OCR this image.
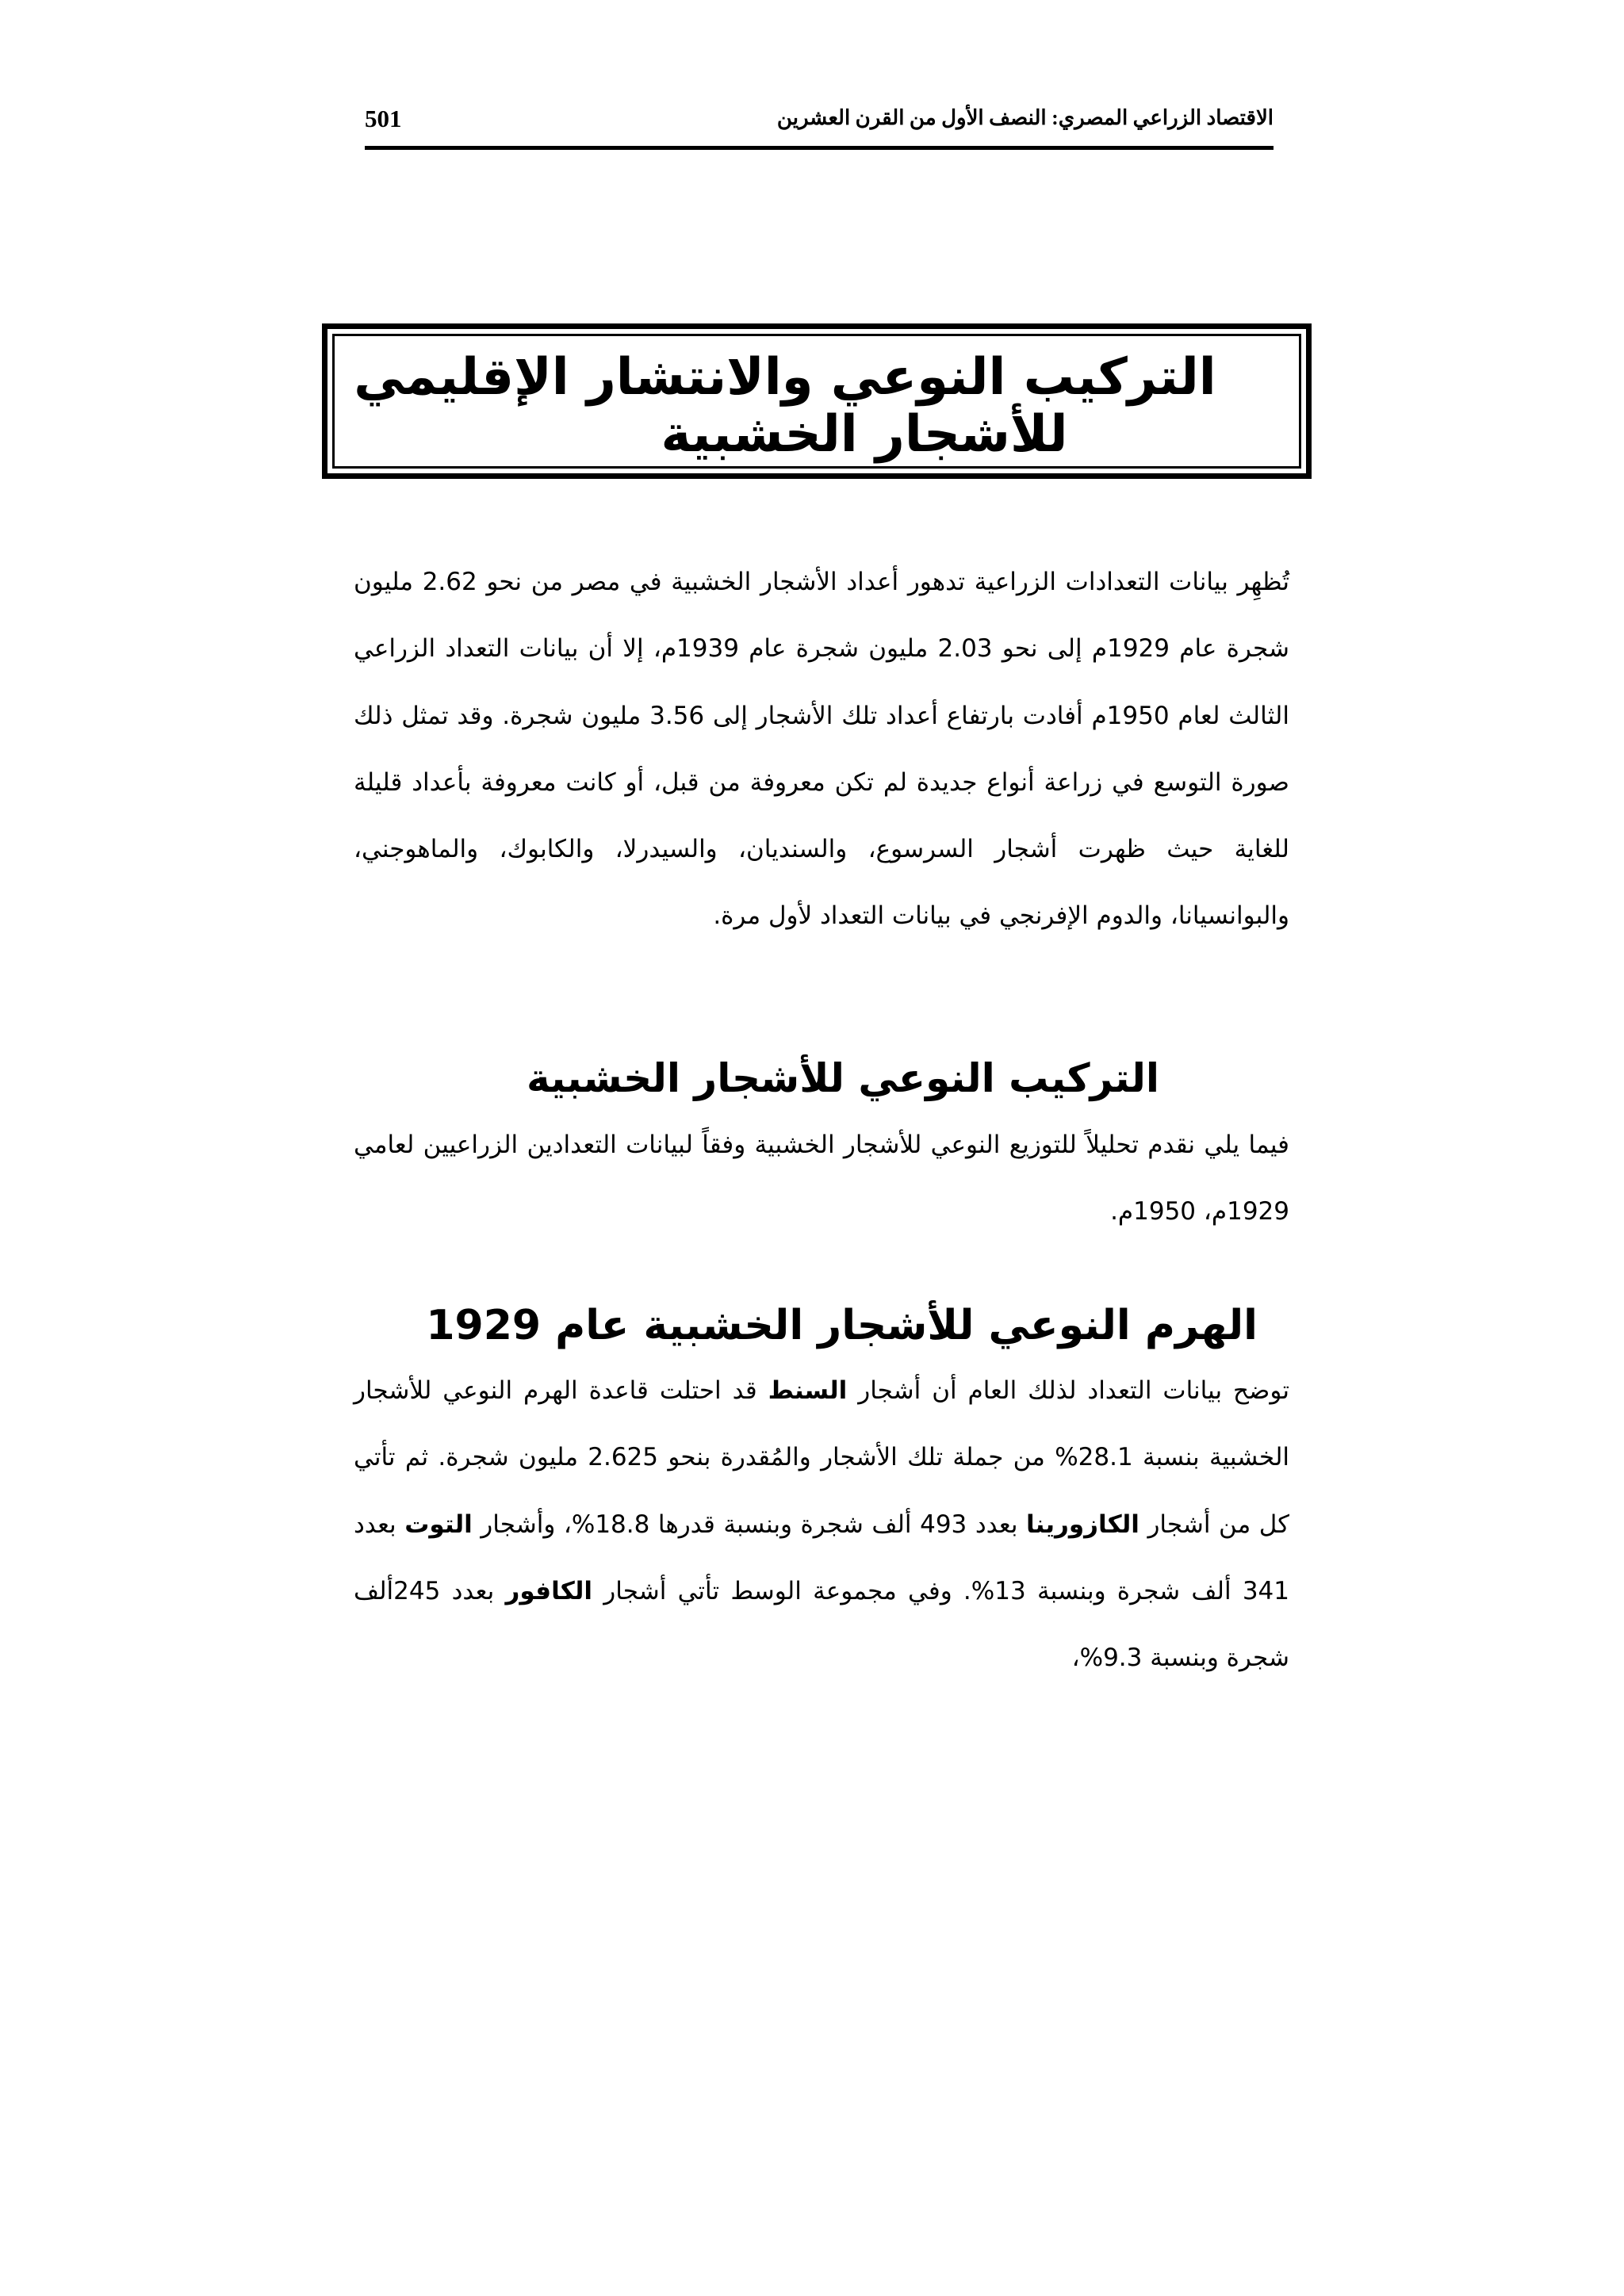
501	الاقتصاد الزراعي المصري: النصف الأول من القرن العشرين
التركيب النوعي والانتشار الإقليمي
للأشجار الخشبية

تُظهِر بيانات التعدادات الزراعية تدهور أعداد الأشجار الخشبية في مصر من نحو 2.62 مليون شجرة عام 1929م إلى نحو 2.03 مليون شجرة عام 1939م، إلا أن بيانات التعداد الزراعي الثالث لعام 1950م أفادت بارتفاع أعداد تلك الأشجار إلى 3.56 مليون شجرة. وقد تمثل ذلك صورة التوسع في زراعة أنواع جديدة لم تكن معروفة من قبل، أو كانت معروفة بأعداد قليلة للغاية حيث ظهرت أشجار السرسوع، والسنديان، والسيدرلا، والكابوك، والماهوجني، والبوانسيانا، والدوم الإفرنجي في بيانات التعداد لأول مرة.

التركيب النوعي للأشجار الخشبية

فيما يلي نقدم تحليلاً للتوزيع النوعي للأشجار الخشبية وفقاً لبيانات التعدادين الزراعيين لعامي 1929م، 1950م.

الهرم النوعي للأشجار الخشبية عام 1929

توضح بيانات التعداد لذلك العام أن أشجار السنط قد احتلت قاعدة الهرم النوعي للأشجار الخشبية بنسبة 28.1% من جملة تلك الأشجار والمُقدرة بنحو 2.625 مليون شجرة. ثم تأتي كل من أشجار الكازورينا بعدد 493 ألف شجرة وبنسبة قدرها 18.8%، وأشجار التوت بعدد 341 ألف شجرة وبنسبة 13%. وفي مجموعة الوسط تأتي أشجار الكافور بعدد 245ألف شجرة وبنسبة 9.3%،
